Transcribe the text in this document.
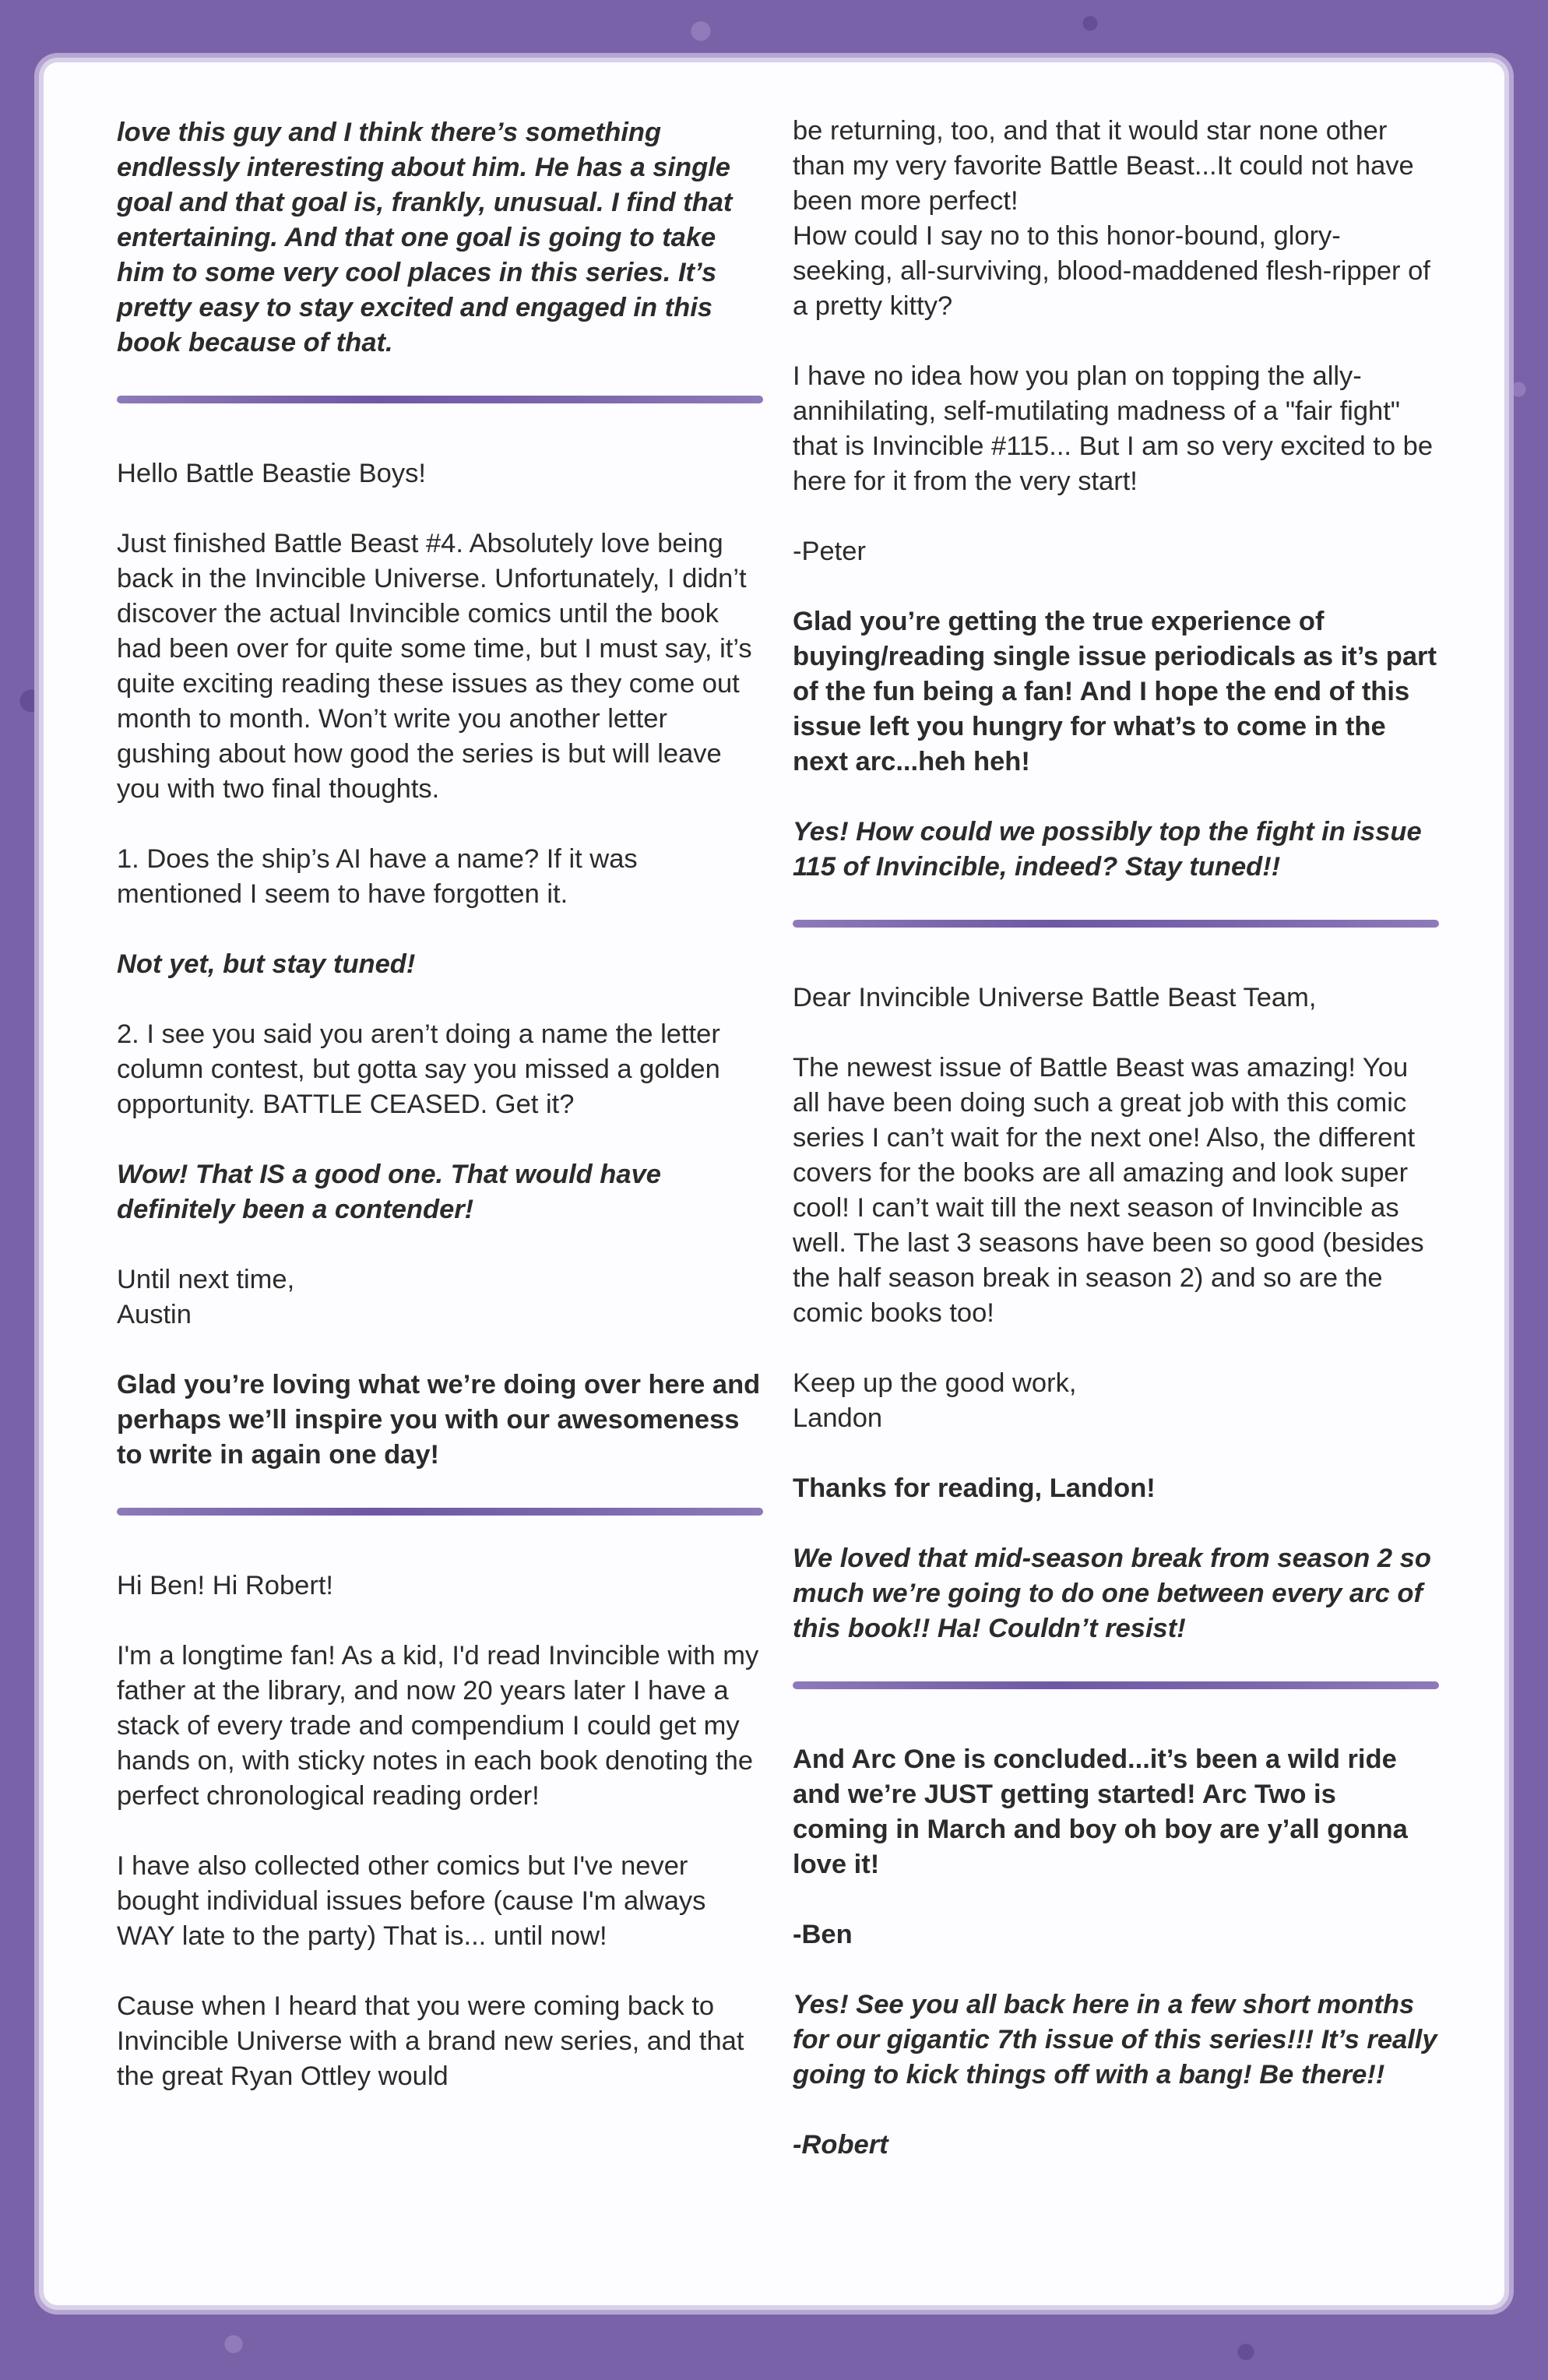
love this guy and I think there’s something endlessly interesting about him. He has a single goal and that goal is, frankly, unusual. I find that entertaining. And that one goal is going to take him to some very cool places in this series. It’s pretty easy to stay excited and engaged in this book because of that.

Hello Battle Beastie Boys!

Just finished Battle Beast #4. Absolutely love being back in the Invincible Universe. Unfortunately, I didn’t discover the actual Invincible comics until the book had been over for quite some time, but I must say, it’s quite exciting reading these issues as they come out month to month. Won’t write you another letter gushing about how good the series is but will leave you with two final thoughts.

1. Does the ship’s AI have a name? If it was mentioned I seem to have forgotten it.

Not yet, but stay tuned!

2. I see you said you aren’t doing a name the letter column contest, but gotta say you missed a golden opportunity. BATTLE CEASED. Get it?

Wow! That IS a good one. That would have definitely been a contender!

Until next time,

Austin

Glad you’re loving what we’re doing over here and perhaps we’ll inspire you with our awesomeness to write in again one day!

Hi Ben! Hi Robert!

I'm a longtime fan! As a kid, I'd read Invincible with my father at the library, and now 20 years later I have a stack of every trade and compendium I could get my hands on, with sticky notes in each book denoting the perfect chronological reading order!

I have also collected other comics but I've never bought individual issues before (cause I'm always WAY late to the party) That is... until now!

Cause when I heard that you were coming back to Invincible Universe with a brand new series, and that the great Ryan Ottley would

be returning, too, and that it would star none other than my very favorite Battle Beast...It could not have been more perfect!

How could I say no to this honor-bound, glory-seeking, all-surviving, blood-maddened flesh-ripper of a pretty kitty?

I have no idea how you plan on topping the ally-annihilating, self-mutilating madness of a "fair fight" that is Invincible #115... But I am so very excited to be here for it from the very start!

-Peter

Glad you’re getting the true experience of buying/reading single issue periodicals as it’s part of the fun being a fan! And I hope the end of this issue left you hungry for what’s to come in the next arc...heh heh!

Yes! How could we possibly top the fight in issue 115 of Invincible, indeed? Stay tuned!!

Dear Invincible Universe Battle Beast Team,

The newest issue of Battle Beast was amazing! You all have been doing such a great job with this comic series I can’t wait for the next one! Also, the different covers for the books are all amazing and look super cool! I can’t wait till the next season of Invincible as well. The last 3 seasons have been so good (besides the half season break in season 2) and so are the comic books too!

Keep up the good work,

Landon

Thanks for reading, Landon!

We loved that mid-season break from season 2 so much we’re going to do one between every arc of this book!! Ha! Couldn’t resist!

And Arc One is concluded...it’s been a wild ride and we’re JUST getting started! Arc Two is coming in March and boy oh boy are y’all gonna love it!

-Ben

Yes! See you all back here in a few short months for our gigantic 7th issue of this series!!! It’s really going to kick things off with a bang! Be there!!

-Robert
